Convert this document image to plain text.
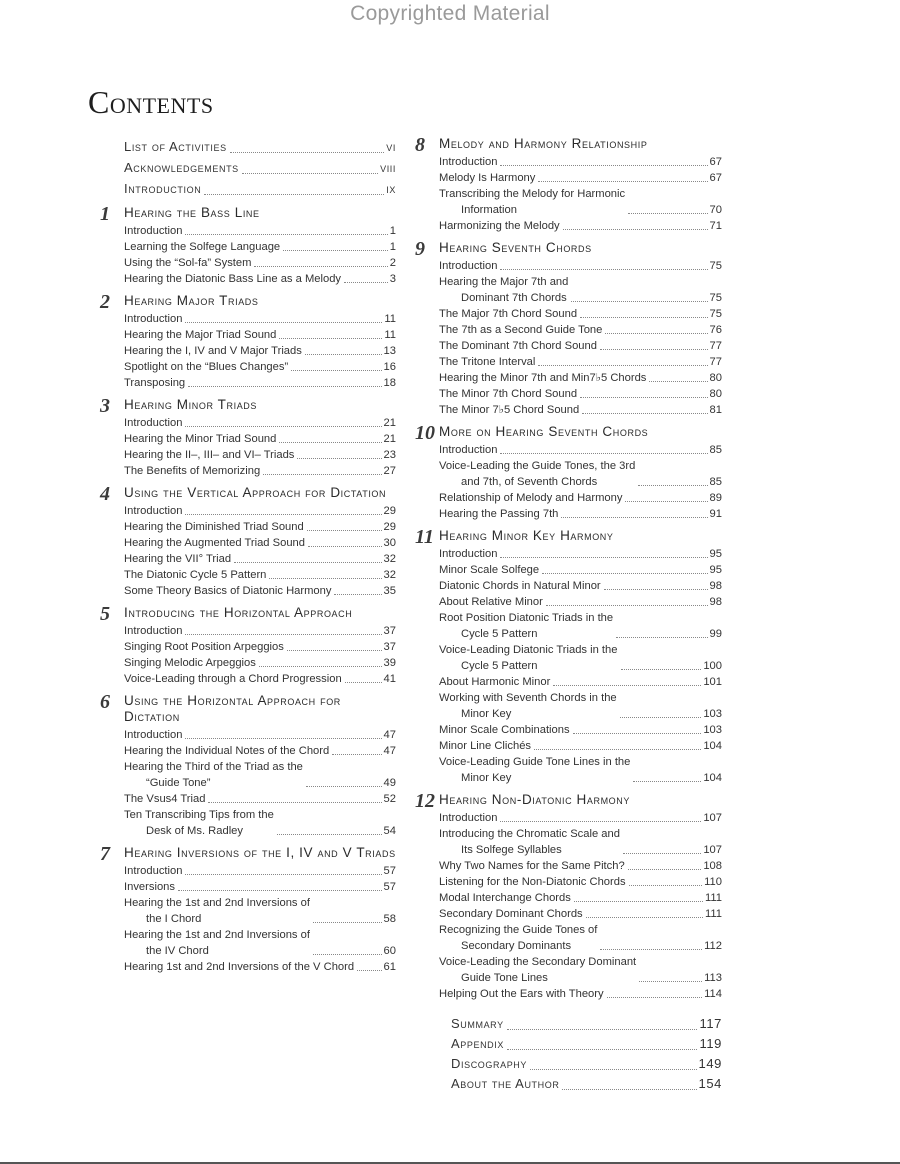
Copyrighted Material
Contents
List of Activities	vi
Acknowledgements	viii
Introduction	ix
1	Hearing the Bass Line
Introduction	1
Learning the Solfege Language	1
Using the “Sol-fa” System	2
Hearing the Diatonic Bass Line as a Melody	3
2	Hearing Major Triads
Introduction	11
Hearing the Major Triad Sound	11
Hearing the I, IV and V Major Triads	13
Spotlight on the “Blues Changes”	16
Transposing	18
3	Hearing Minor Triads
Introduction	21
Hearing the Minor Triad Sound	21
Hearing the II–, III– and VI– Triads	23
The Benefits of Memorizing	27
4	Using the Vertical Approach for Dictation
Introduction	29
Hearing the Diminished Triad Sound	29
Hearing the Augmented Triad Sound	30
Hearing the VII° Triad	32
The Diatonic Cycle 5 Pattern	32
Some Theory Basics of Diatonic Harmony	35
5	Introducing the Horizontal Approach
Introduction	37
Singing Root Position Arpeggios	37
Singing Melodic Arpeggios	39
Voice-Leading through a Chord Progression	41
6	Using the Horizontal Approach for Dictation
Introduction	47
Hearing the Individual Notes of the Chord	47
Hearing the Third of the Triad as the
“Guide Tone”	49
The Vsus4 Triad	52
Ten Transcribing Tips from the
Desk of Ms. Radley	54
7	Hearing Inversions of the I, IV and V Triads
Introduction	57
Inversions	57
Hearing the 1st and 2nd Inversions of
the I Chord	58
Hearing the 1st and 2nd Inversions of
the IV Chord	60
Hearing 1st and 2nd Inversions of the V Chord	61
8	Melody and Harmony Relationship
Introduction	67
Melody Is Harmony	67
Transcribing the Melody for Harmonic
Information	70
Harmonizing the Melody	71
9	Hearing Seventh Chords
Introduction	75
Hearing the Major 7th and
Dominant 7th Chords	75
The Major 7th Chord Sound	75
The 7th as a Second Guide Tone	76
The Dominant 7th Chord Sound	77
The Tritone Interval	77
Hearing the Minor 7th and Min7♭5 Chords	80
The Minor 7th Chord Sound	80
The Minor 7♭5 Chord Sound	81
10 More on Hearing Seventh Chords
Introduction	85
Voice-Leading the Guide Tones, the 3rd
and 7th, of Seventh Chords	85
Relationship of Melody and Harmony	89
Hearing the Passing 7th	91
11 Hearing Minor Key Harmony
Introduction	95
Minor Scale Solfege	95
Diatonic Chords in Natural Minor	98
About Relative Minor	98
Root Position Diatonic Triads in the
Cycle 5 Pattern	99
Voice-Leading Diatonic Triads in the
Cycle 5 Pattern	100
About Harmonic Minor	101
Working with Seventh Chords in the
Minor Key	103
Minor Scale Combinations	103
Minor Line Clichés	104
Voice-Leading Guide Tone Lines in the
Minor Key	104
12 Hearing Non-Diatonic Harmony
Introduction	107
Introducing the Chromatic Scale and
Its Solfege Syllables	107
Why Two Names for the Same Pitch?	108
Listening for the Non-Diatonic Chords	110
Modal Interchange Chords	111
Secondary Dominant Chords	111
Recognizing the Guide Tones of
Secondary Dominants	112
Voice-Leading the Secondary Dominant
Guide Tone Lines	113
Helping Out the Ears with Theory	114
Summary	117
Appendix	119
Discography	149
About the Author	154
